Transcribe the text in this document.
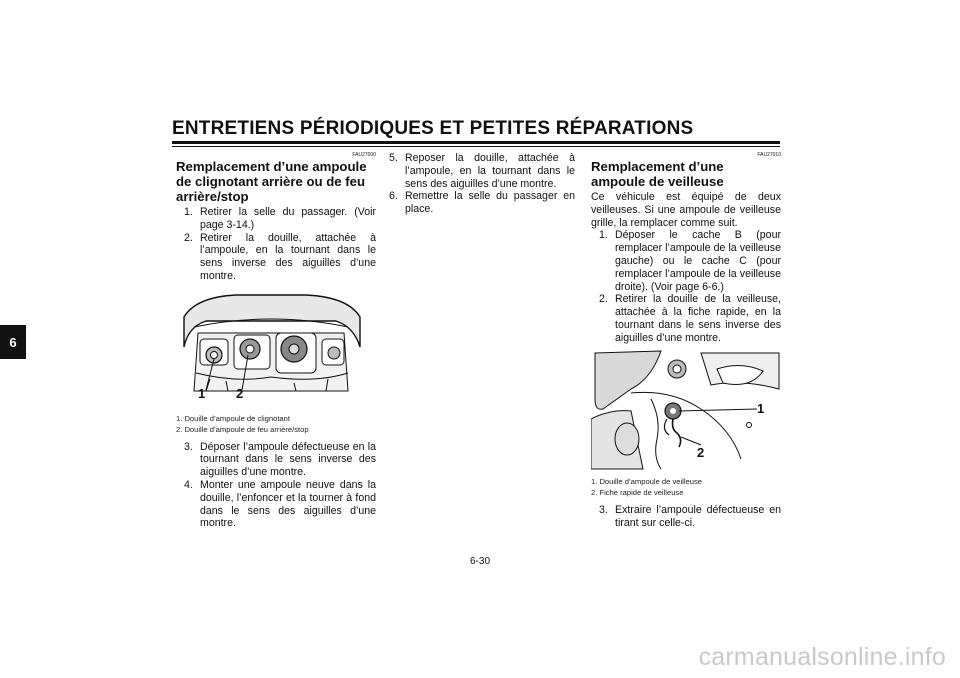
ENTRETIENS PÉRIODIQUES ET PETITES RÉPARATIONS
6
FAU27000
Remplacement d’une ampoule de clignotant arrière ou de feu arrière/stop
1. Retirer la selle du passager. (Voir page 3-14.)
2. Retirer la douille, attachée à l’ampoule, en la tournant dans le sens inverse des aiguilles d’une montre.
1 2
1. Douille d’ampoule de clignotant
2. Douille d’ampoule de feu arrière/stop
3. Déposer l’ampoule défectueuse en la tournant dans le sens inverse des aiguilles d’une montre.
4. Monter une ampoule neuve dans la douille, l’enfoncer et la tourner à fond dans le sens des aiguilles d’une montre.
5. Reposer la douille, attachée à l’ampoule, en la tournant dans le sens des aiguilles d’une montre.
6. Remettre la selle du passager en place.
FAU27010
Remplacement d’une ampoule de veilleuse
Ce véhicule est équipé de deux veilleuses. Si une ampoule de veilleuse grille, la remplacer comme suit.
1. Déposer le cache B (pour remplacer l’ampoule de la veilleuse gauche) ou le cache C (pour remplacer l’ampoule de la veilleuse droite). (Voir page 6-6.)
2. Retirer la douille de la veilleuse, attachée à la fiche rapide, en la tournant dans le sens inverse des aiguilles d’une montre.
1
2
1. Douille d’ampoule de veilleuse
2. Fiche rapide de veilleuse
3. Extraire l’ampoule défectueuse en tirant sur celle-ci.
6-30
carmanualsonline.info
